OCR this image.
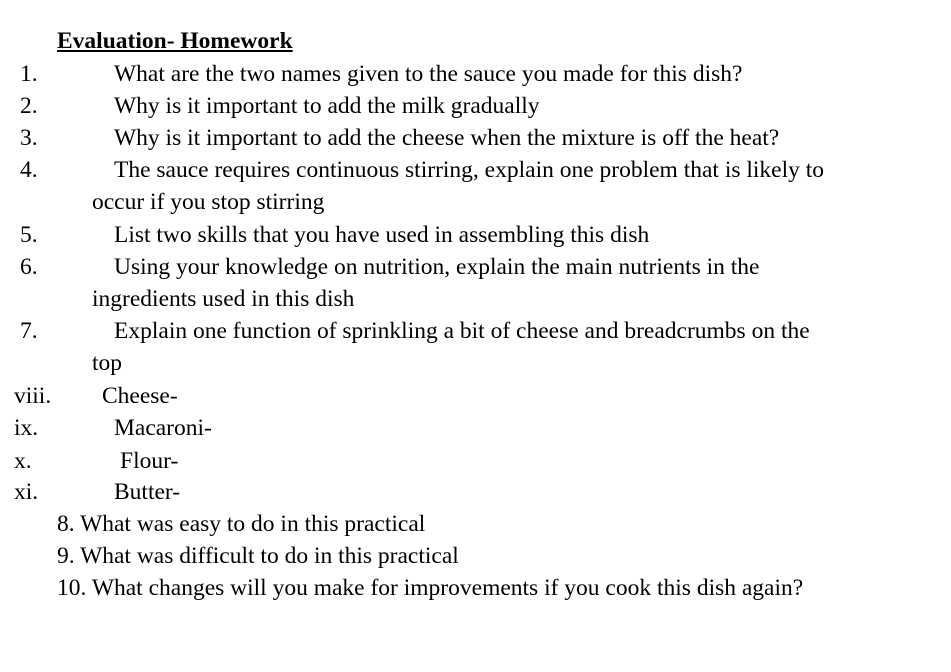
Evaluation- Homework
1.	What are the two names given to the sauce you made for this dish?
2.	Why is it important to add the milk gradually
3.	Why is it important to add the cheese when the mixture is off the heat?
4.	The sauce requires continuous stirring, explain one problem that is likely to
occur if you stop stirring
5.	List two skills that you have used in assembling this dish
6.	Using your knowledge on nutrition, explain the main nutrients in the
ingredients used in this dish
7.	Explain one function of sprinkling a bit of cheese and breadcrumbs on the
top
viii. Cheese-
ix.	Macaroni-
x.	Flour-
xi.	Butter-
8. What was easy to do in this practical
9. What was difficult to do in this practical
10. What changes will you make for improvements if you cook this dish again?
